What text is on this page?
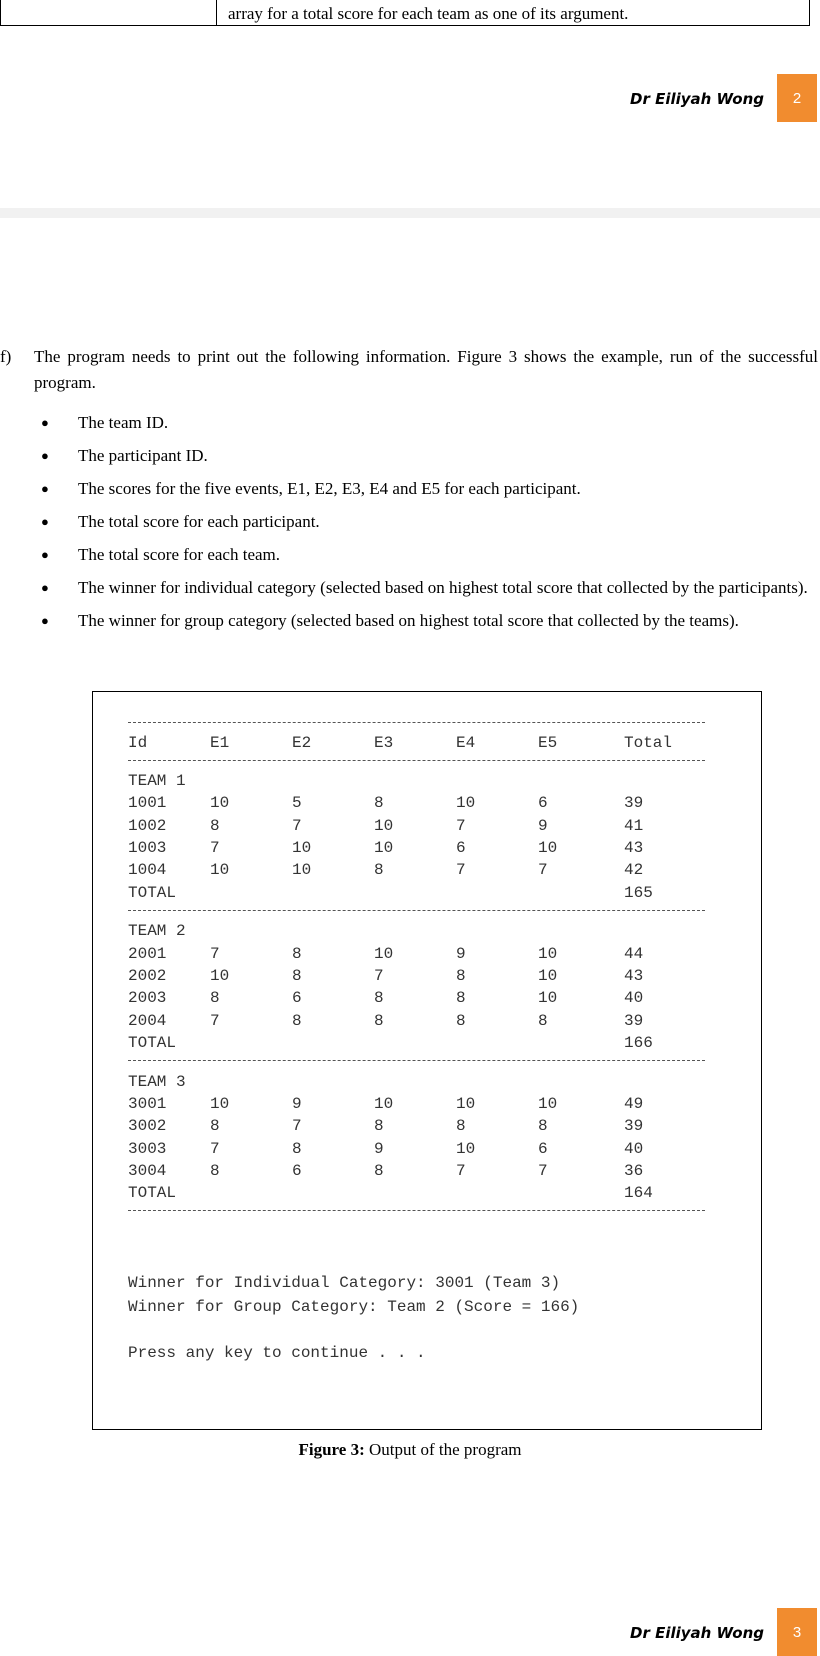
array for a total score for each team as one of its argument.
Dr Eiliyah Wong	2
f) The program needs to print out the following information. Figure 3 shows the example, run of the successful program.
● The team ID.
● The participant ID.
● The scores for the five events, E1, E2, E3, E4 and E5 for each participant.
● The total score for each participant.
● The total score for each team.
● The winner for individual category (selected based on highest total score that collected by the participants).
● The winner for group category (selected based on highest total score that collected by the teams).
Id	E1	E2	E3	E4	E5	Total
TEAM 1
1001	10	5	8	10	6	39
1002	8	7	10	7	9	41
1003	7	10	10	6	10	43
1004	10	10	8	7	7	42
TOTAL	165
TEAM 2
2001	7	8	10	9	10	44
2002	10	8	7	8	10	43
2003	8	6	8	8	10	40
2004	7	8	8	8	8	39
TOTAL	166
TEAM 3
3001	10	9	10	10	10	49
3002	8	7	8	8	8	39
3003	7	8	9	10	6	40
3004	8	6	8	7	7	36
TOTAL	164
Winner for Individual Category: 3001 (Team 3)
Winner for Group Category: Team 2 (Score = 166)
Press any key to continue . . .
Figure 3: Output of the program
Dr Eiliyah Wong	3
